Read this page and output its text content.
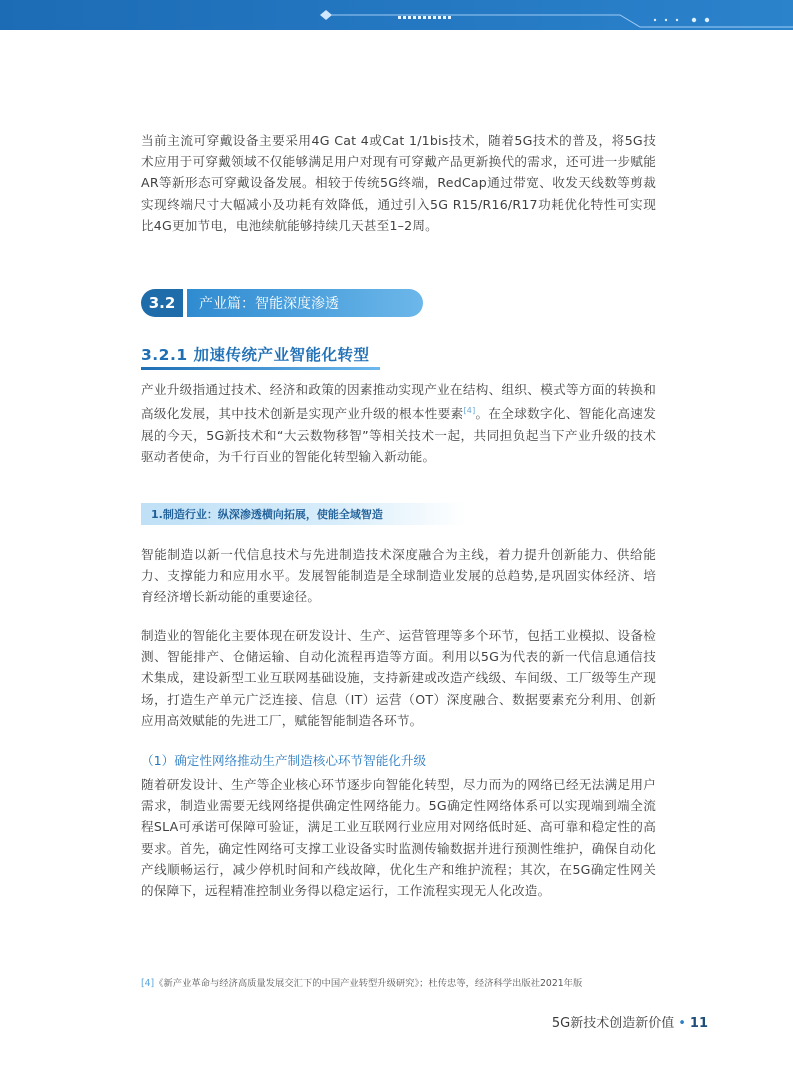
当前主流可穿戴设备主要采用4G Cat 4或Cat 1/1bis技术，随着5G技术的普及，将5G技术应用于可穿戴领域不仅能够满足用户对现有可穿戴产品更新换代的需求，还可进一步赋能AR等新形态可穿戴设备发展。相较于传统5G终端，RedCap通过带宽、收发天线数等剪裁实现终端尺寸大幅减小及功耗有效降低，通过引入5G R15/R16/R17功耗优化特性可实现比4G更加节电，电池续航能够持续几天甚至1–2周。

3.2	产业篇：智能深度渗透
3.2.1 加速传统产业智能化转型

产业升级指通过技术、经济和政策的因素推动实现产业在结构、组织、模式等方面的转换和高级化发展，其中技术创新是实现产业升级的根本性要素[4]。在全球数字化、智能化高速发展的今天，5G新技术和“大云数物移智”等相关技术一起，共同担负起当下产业升级的技术驱动者使命，为千行百业的智能化转型输入新动能。

1.制造行业：纵深渗透横向拓展，使能全域智造

智能制造以新一代信息技术与先进制造技术深度融合为主线，着力提升创新能力、供给能力、支撑能力和应用水平。发展智能制造是全球制造业发展的总趋势,是巩固实体经济、培育经济增长新动能的重要途径。

制造业的智能化主要体现在研发设计、生产、运营管理等多个环节，包括工业模拟、设备检测、智能排产、仓储运输、自动化流程再造等方面。利用以5G为代表的新一代信息通信技术集成，建设新型工业互联网基础设施，支持新建或改造产线级、车间级、工厂级等生产现场，打造生产单元广泛连接、信息（IT）运营（OT）深度融合、数据要素充分利用、创新应用高效赋能的先进工厂，赋能智能制造各环节。

（1）确定性网络推动生产制造核心环节智能化升级

随着研发设计、生产等企业核心环节逐步向智能化转型，尽力而为的网络已经无法满足用户需求，制造业需要无线网络提供确定性网络能力。5G确定性网络体系可以实现端到端全流程SLA可承诺可保障可验证，满足工业互联网行业应用对网络低时延、高可靠和稳定性的高要求。首先，确定性网络可支撑工业设备实时监测传输数据并进行预测性维护，确保自动化产线顺畅运行，减少停机时间和产线故障，优化生产和维护流程；其次，在5G确定性网关的保障下，远程精准控制业务得以稳定运行，工作流程实现无人化改造。

[4]《新产业革命与经济高质量发展交汇下的中国产业转型升级研究》；杜传忠等，经济科学出版社2021年版
5G新技术创造新价值 • 11
